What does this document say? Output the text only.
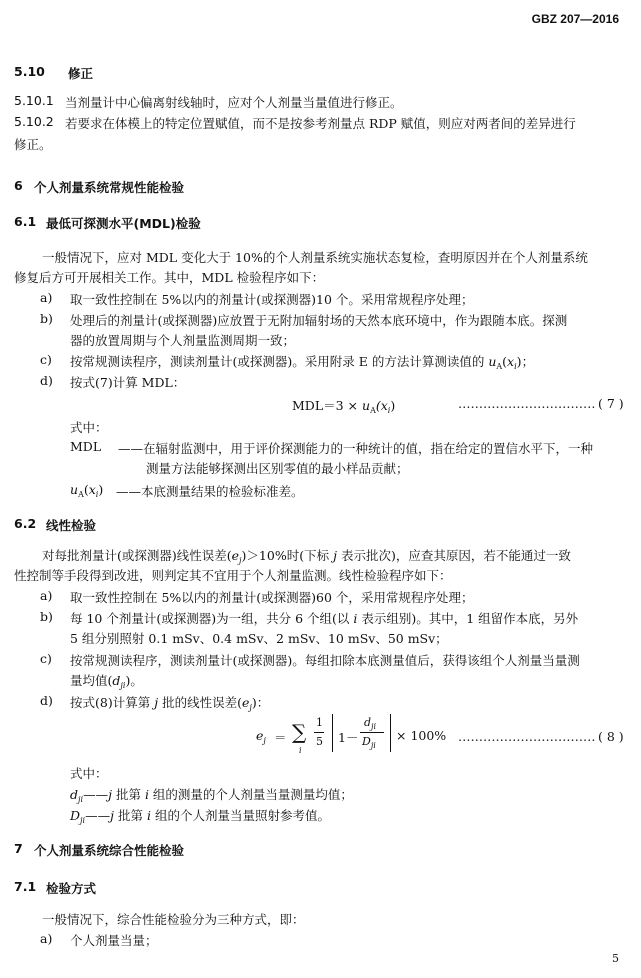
GBZ 207—2016
5.10 修正
5.10.1 当剂量计中心偏离射线轴时，应对个人剂量当量值进行修正。
5.10.2 若要求在体模上的特定位置赋值，而不是按参考剂量点 RDP 赋值，则应对两者间的差异进行
修正。
6 个人剂量系统常规性能检验
6.1 最低可探测水平(MDL)检验
一般情况下，应对 MDL 变化大于 10%的个人剂量系统实施状态复检，查明原因并在个人剂量系统
修复后方可开展相关工作。其中，MDL 检验程序如下：
a) 取一致性控制在 5%以内的剂量计(或探测器)10 个。采用常规程序处理；
b) 处理后的剂量计(或探测器)应放置于无附加辐射场的天然本底环境中，作为跟随本底。探测
器的放置周期与个人剂量监测周期一致；
c) 按常规测读程序，测读剂量计(或探测器)。采用附录 E 的方法计算测读值的 $u_A(x_i)$；
d) 按式(7)计算 MDL：
$MDL=3 \times u_A(x_i)$	…………………………… ( 7 )
式中：
MDL ——在辐射监测中，用于评价探测能力的一种统计的值，指在给定的置信水平下，一种
测量方法能够探测出区别零值的最小样品贡献；
$u_A(x_i)$ ——本底测量结果的检验标准差。
6.2 线性检验
对每批剂量计(或探测器)线性误差$(e_j)>10\%$时(下标 j 表示批次)，应查其原因，若不能通过一致
性控制等手段得到改进，则判定其不宜用于个人剂量监测。线性检验程序如下：
a) 取一致性控制在 5%以内的剂量计(或探测器)60 个，采用常规程序处理；
b) 每 10 个剂量计(或探测器)为一组，共分 6 个组(以 i 表示组别)。其中，1 组留作本底，另外
5 组分别照射 0.1 mSv、0.4 mSv、2 mSv、10 mSv、50 mSv；
c) 按常规测读程序，测读剂量计(或探测器)。每组扣除本底测量值后，获得该组个人剂量当量测
量均值$(d_{ji})$。
d) 按式(8)计算第 j 批的线性误差$(e_j)$：
$e_j$ ＝ ∑
i
1
5 1－
$d_{ji}$
$D_{ji}$
× 100% …………………………… ( 8 )
式中：
$d_{ji}——j$ 批第 i 组的测量的个人剂量当量测量均值；
$D_{ji}——j$ 批第 i 组的个人剂量当量照射参考值。
7 个人剂量系统综合性能检验
7.1 检验方式
一般情况下，综合性能检验分为三种方式，即：
a) 个人剂量当量；
5
